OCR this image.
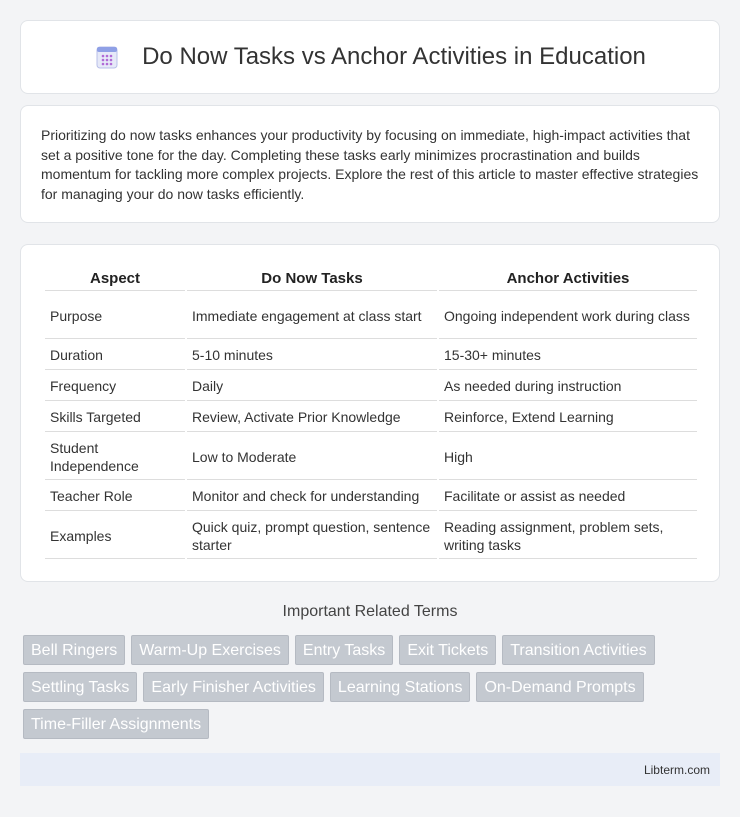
Do Now Tasks vs Anchor Activities in Education

Prioritizing do now tasks enhances your productivity by focusing on immediate, high-impact activities that set a positive tone for the day. Completing these tasks early minimizes procrastination and builds momentum for tackling more complex projects. Explore the rest of this article to master effective strategies for managing your do now tasks efficiently.

Aspect	Do Now Tasks	Anchor Activities
Purpose	Immediate engagement at class start	Ongoing independent work during class
Duration	5-10 minutes	15-30+ minutes
Frequency	Daily	As needed during instruction
Skills Targeted	Review, Activate Prior Knowledge	Reinforce, Extend Learning
Student Independence	Low to Moderate	High
Teacher Role	Monitor and check for understanding	Facilitate or assist as needed
Examples	Quick quiz, prompt question, sentence starter	Reading assignment, problem sets, writing tasks
Important Related Terms
Bell Ringers	Warm-Up Exercises	Entry Tasks	Exit Tickets	Transition Activities
Settling Tasks	Early Finisher Activities	Learning Stations	On-Demand Prompts
Time-Filler Assignments
Libterm.com
